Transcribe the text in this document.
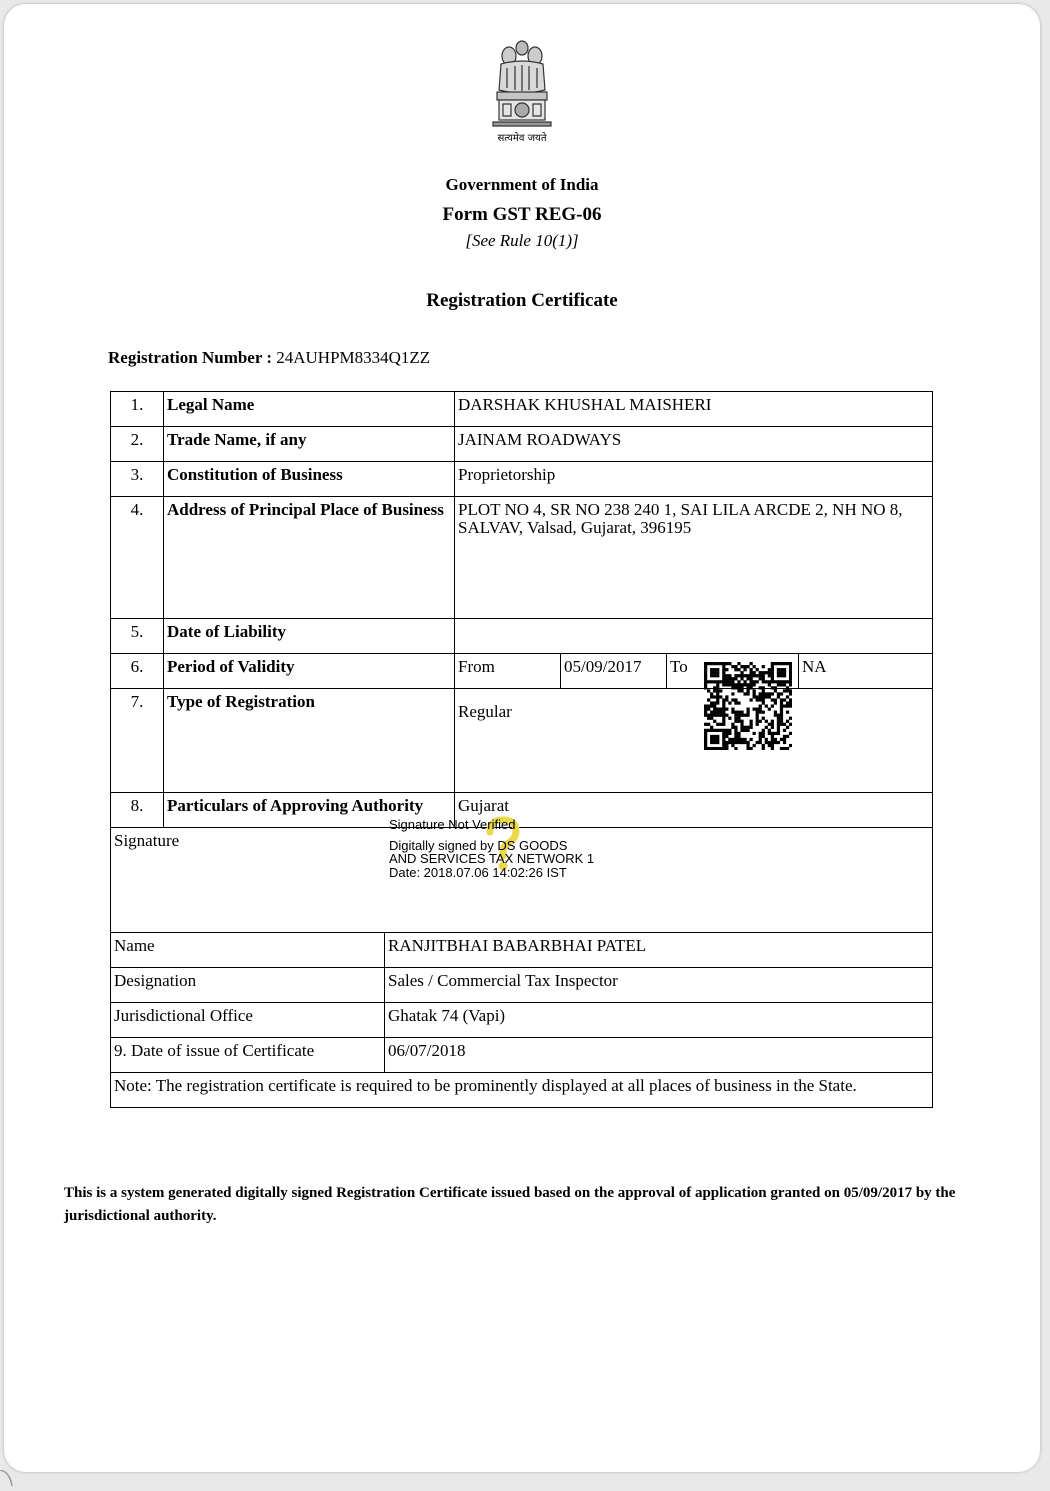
सत्यमेव जयते
Government of India
Form GST REG-06
[See Rule 10(1)]
Registration Certificate
Registration Number : 24AUHPM8334Q1ZZ
1.	Legal Name	DARSHAK KHUSHAL MAISHERI			
2.	Trade Name, if any	JAINAM ROADWAYS			
3.	Constitution of Business	Proprietorship			
4.	Address of Principal Place of Business	PLOT NO 4, SR NO 238 240 1, SAI LILA ARCDE 2, NH NO 8, SALVAV, Valsad, Gujarat, 396195			
5.	Date of Liability				
6.	Period of Validity	From	05/09/2017	To	NA
7.	Type of Registration	Regular			
8.	Particulars of Approving Authority	Gujarat			
Signature					
Signature Not Verified
Digitally signed by DS GOODS
AND SERVICES TAX NETWORK 1
Date: 2018.07.06 14:02:26 IST
Name	RANJITBHAI BABARBHAI PATEL
Designation	Sales / Commercial Tax Inspector
Jurisdictional Office	Ghatak 74 (Vapi)
9. Date of issue of Certificate	06/07/2018
Note: The registration certificate is required to be prominently displayed at all places of business in the State.	
This is a system generated digitally signed Registration Certificate issued based on the approval of application granted on 05/09/2017 by the jurisdictional authority.
